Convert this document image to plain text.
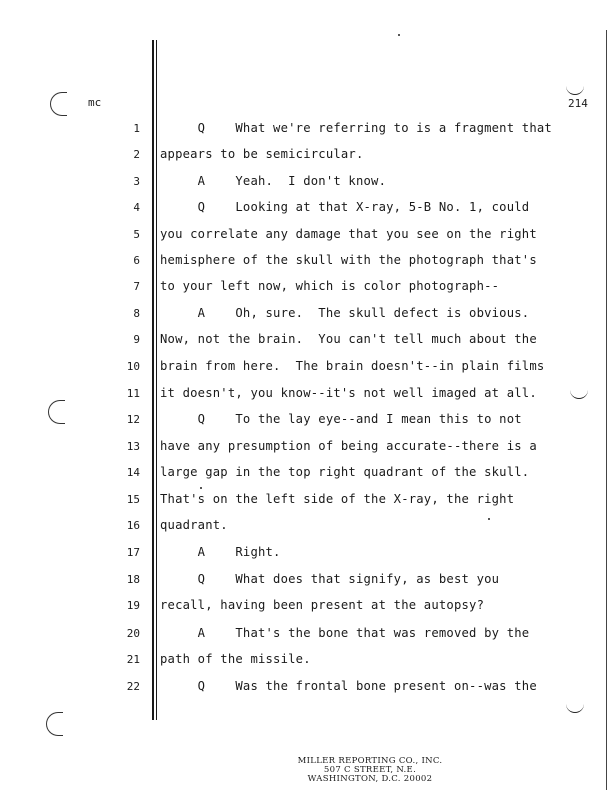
mc	214
1 Q    What we're referring to is a fragment that
2 appears to be semicircular.
3 A    Yeah.  I don't know.
4 Q    Looking at that X-ray, 5-B No. 1, could
5 you correlate any damage that you see on the right
6 hemisphere of the skull with the photograph that's
7 to your left now, which is color photograph--
8 A    Oh, sure.  The skull defect is obvious.
9 Now, not the brain.  You can't tell much about the
10 brain from here.  The brain doesn't--in plain films
11 it doesn't, you know--it's not well imaged at all.
12 Q    To the lay eye--and I mean this to not
13 have any presumption of being accurate--there is a
14 large gap in the top right quadrant of the skull.
15 That's on the left side of the X-ray, the right
16 quadrant.
17 A    Right.
18 Q    What does that signify, as best you
19 recall, having been present at the autopsy?
20 A    That's the bone that was removed by the
21 path of the missile.
22 Q    Was the frontal bone present on--was the
MILLER REPORTING CO., INC.
507 C STREET, N.E.
WASHINGTON, D.C. 20002
